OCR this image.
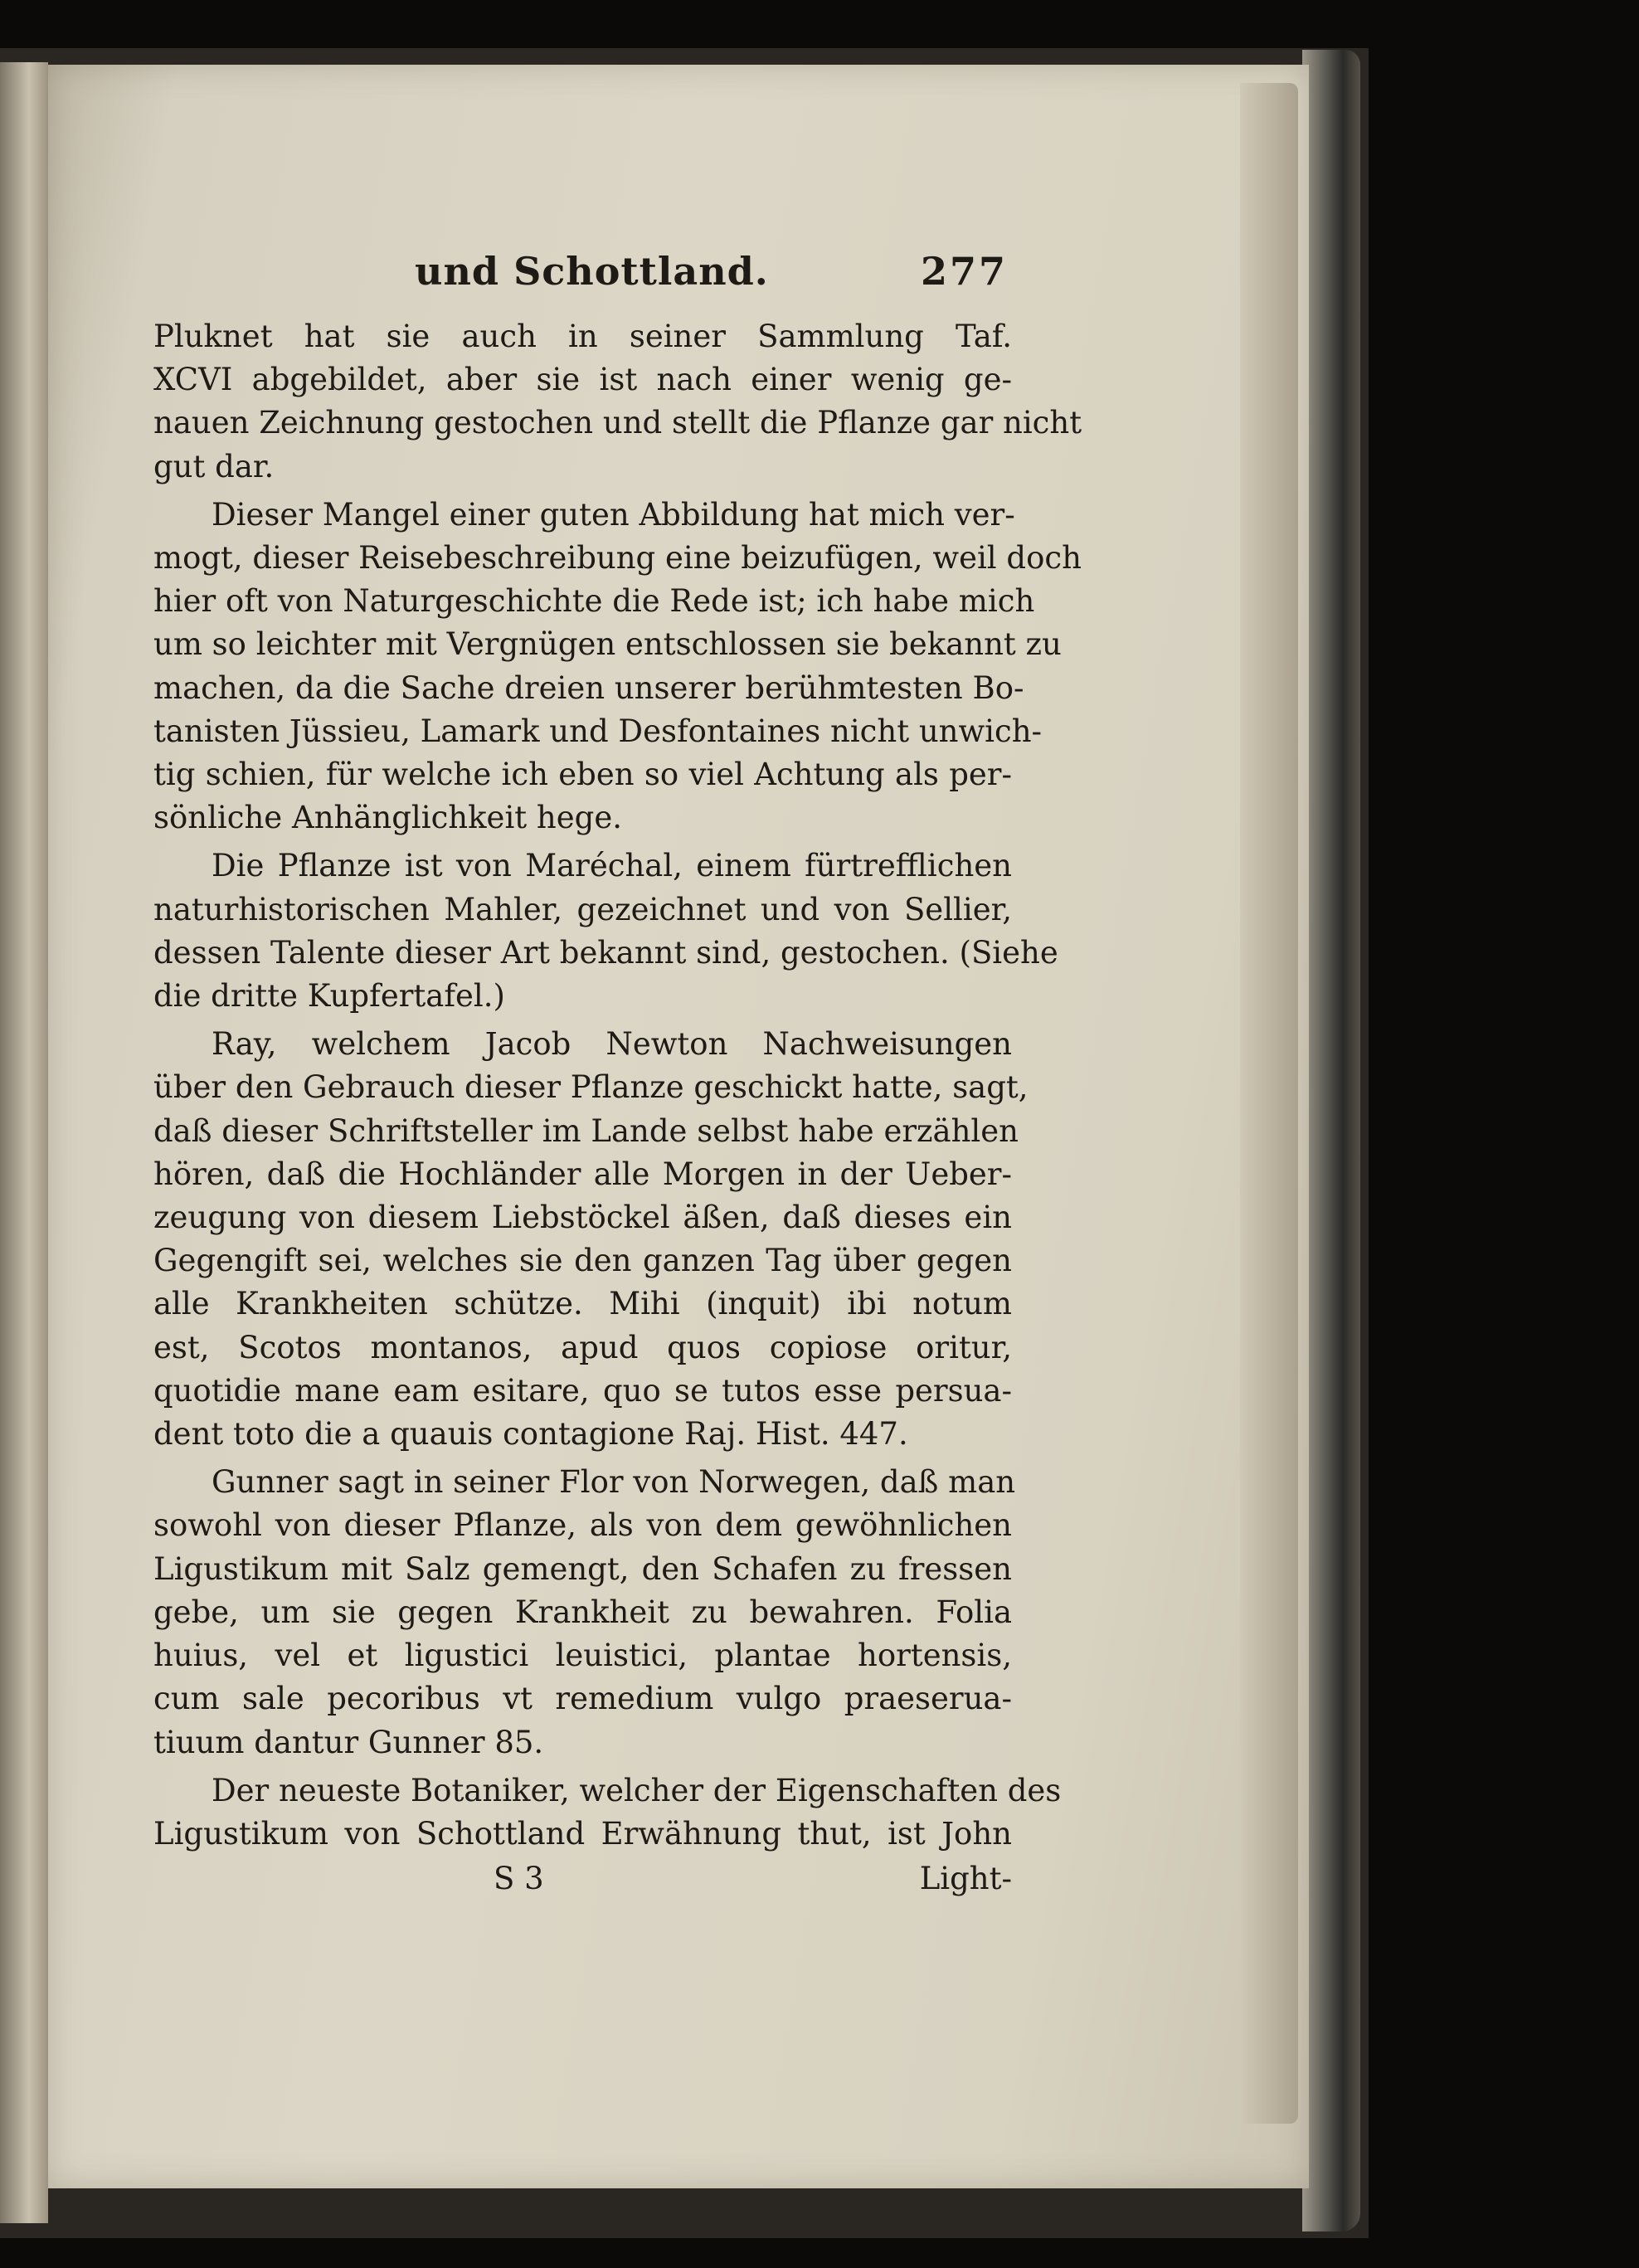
und Schottland.	277
Pluknet hat sie auch in seiner Sammlung Taf.
XCVI abgebildet, aber sie ist nach einer wenig ge-
nauen Zeichnung gestochen und stellt die Pflanze gar nicht
gut dar.
Dieser Mangel einer guten Abbildung hat mich ver-
mogt, dieser Reisebeschreibung eine beizufügen, weil doch
hier oft von Naturgeschichte die Rede ist; ich habe mich
um so leichter mit Vergnügen entschlossen sie bekannt zu
machen, da die Sache dreien unserer berühmtesten Bo-
tanisten Jüssieu, Lamark und Desfontaines nicht unwich-
tig schien, für welche ich eben so viel Achtung als per-
sönliche Anhänglichkeit hege.
Die Pflanze ist von Maréchal, einem fürtrefflichen
naturhistorischen Mahler, gezeichnet und von Sellier,
dessen Talente dieser Art bekannt sind, gestochen. (Siehe
die dritte Kupfertafel.)
Ray, welchem Jacob Newton Nachweisungen
über den Gebrauch dieser Pflanze geschickt hatte, sagt,
daß dieser Schriftsteller im Lande selbst habe erzählen
hören, daß die Hochländer alle Morgen in der Ueber-
zeugung von diesem Liebstöckel äßen, daß dieses ein
Gegengift sei, welches sie den ganzen Tag über gegen
alle Krankheiten schütze. Mihi (inquit) ibi notum
est, Scotos montanos, apud quos copiose oritur,
quotidie mane eam esitare, quo se tutos esse persua-
dent toto die a quauis contagione Raj. Hist. 447.
Gunner sagt in seiner Flor von Norwegen, daß man
sowohl von dieser Pflanze, als von dem gewöhnlichen
Ligustikum mit Salz gemengt, den Schafen zu fressen
gebe, um sie gegen Krankheit zu bewahren. Folia
huius, vel et ligustici leuistici, plantae hortensis,
cum sale pecoribus vt remedium vulgo praeserua-
tiuum dantur Gunner 85.
Der neueste Botaniker, welcher der Eigenschaften des
Ligustikum von Schottland Erwähnung thut, ist John
S 3	Light-
